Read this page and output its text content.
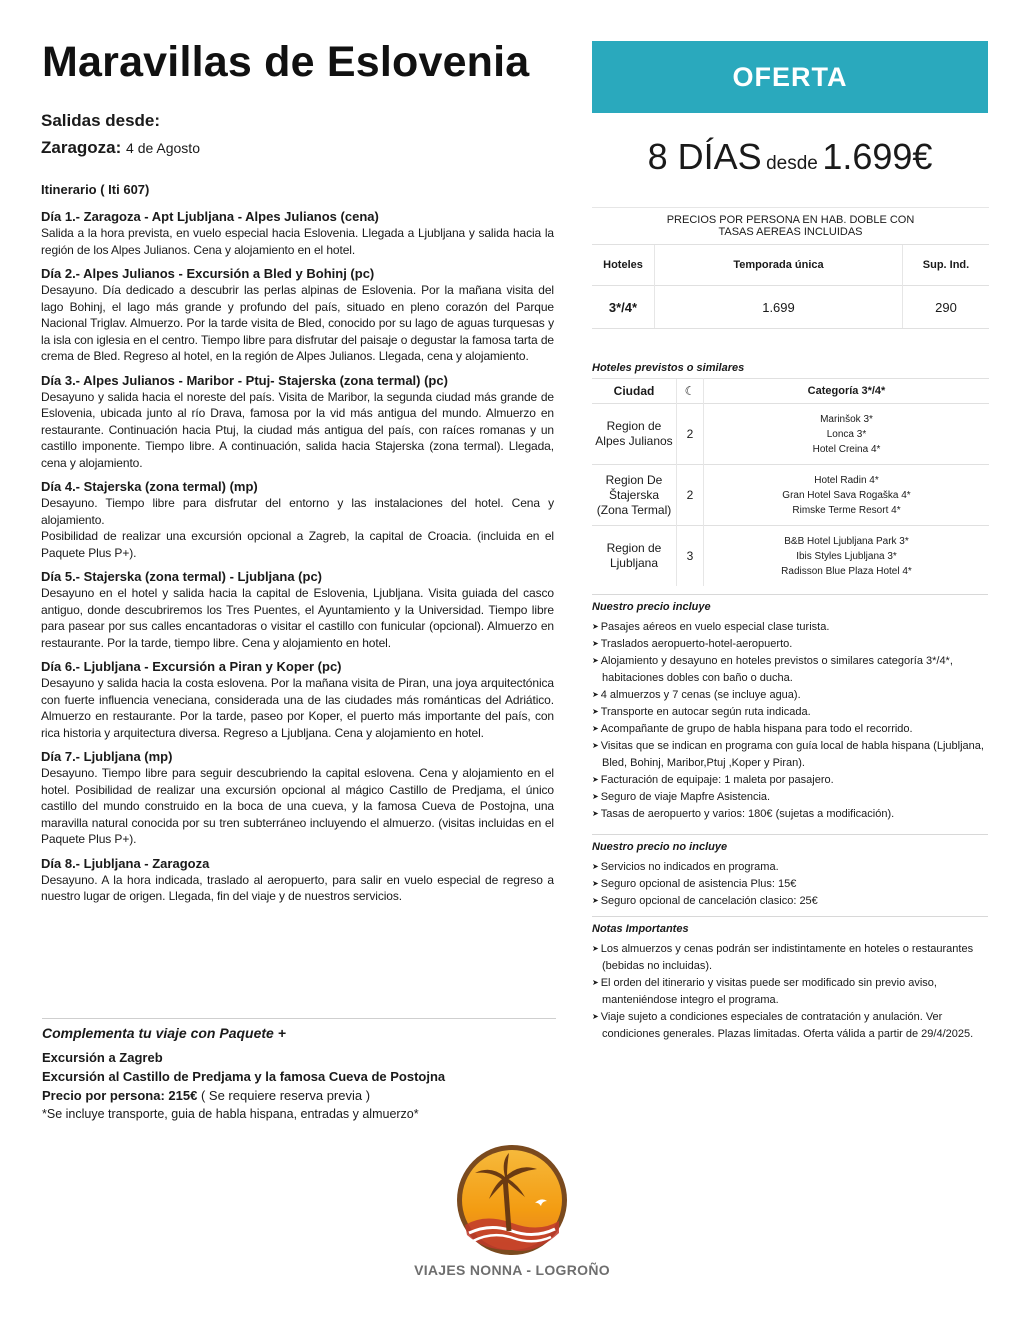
Maravillas de Eslovenia
Salidas desde:
Zaragoza: 4 de Agosto
Itinerario ( Iti 607)
Día 1.- Zaragoza - Apt Ljubljana - Alpes Julianos (cena)
Salida a la hora prevista, en vuelo especial hacia Eslovenia. Llegada a Ljubljana y salida hacia la región de los Alpes Julianos. Cena y alojamiento en el hotel.
Día 2.- Alpes Julianos - Excursión a Bled y Bohinj (pc)
Desayuno. Día dedicado a descubrir las perlas alpinas de Eslovenia. Por la mañana visita del lago Bohinj, el lago más grande y profundo del país, situado en pleno corazón del Parque Nacional Triglav. Almuerzo. Por la tarde visita de Bled, conocido por su lago de aguas turquesas y la isla con iglesia en el centro. Tiempo libre para disfrutar del paisaje o degustar la famosa tarta de crema de Bled. Regreso al hotel, en la región de Alpes Julianos. Llegada, cena y alojamiento.
Día 3.- Alpes Julianos - Maribor - Ptuj- Stajerska (zona termal) (pc)
Desayuno y salida hacia el noreste del país. Visita de Maribor, la segunda ciudad más grande de Eslovenia, ubicada junto al río Drava, famosa por la vid más antigua del mundo. Almuerzo en restaurante. Continuación hacia Ptuj, la ciudad más antigua del país, con raíces romanas y un castillo imponente. Tiempo libre. A continuación, salida hacia Stajerska (zona termal). Llegada, cena y alojamiento.
Día 4.- Stajerska (zona termal) (mp)
Desayuno. Tiempo libre para disfrutar del entorno y las instalaciones del hotel. Cena y alojamiento.
Posibilidad de realizar una excursión opcional a Zagreb, la capital de Croacia. (incluida en el Paquete Plus P+).
Día 5.- Stajerska (zona termal) - Ljubljana (pc)
Desayuno en el hotel y salida hacia la capital de Eslovenia, Ljubljana. Visita guiada del casco antiguo, donde descubriremos los Tres Puentes, el Ayuntamiento y la Universidad. Tiempo libre para pasear por sus calles encantadoras o visitar el castillo con funicular (opcional). Almuerzo en restaurante. Por la tarde, tiempo libre. Cena y alojamiento en hotel.
Día 6.- Ljubljana - Excursión a Piran y Koper (pc)
Desayuno y salida hacia la costa eslovena. Por la mañana visita de Piran, una joya arquitectónica con fuerte influencia veneciana, considerada una de las ciudades más románticas del Adriático. Almuerzo en restaurante. Por la tarde, paseo por Koper, el puerto más importante del país, con rica historia y arquitectura diversa. Regreso a Ljubljana. Cena y alojamiento en hotel.
Día 7.- Ljubljana (mp)
Desayuno. Tiempo libre para seguir descubriendo la capital eslovena. Cena y alojamiento en el hotel. Posibilidad de realizar una excursión opcional al mágico Castillo de Predjama, el único castillo del mundo construido en la boca de una cueva, y la famosa Cueva de Postojna, una maravilla natural conocida por su tren subterráneo incluyendo el almuerzo. (visitas incluidas en el Paquete Plus P+).
Día 8.- Ljubljana - Zaragoza
Desayuno. A la hora indicada, traslado al aeropuerto, para salir en vuelo especial de regreso a nuestro lugar de origen. Llegada, fin del viaje y de nuestros servicios.
Complementa tu viaje con Paquete +
Excursión a Zagreb
Excursión al Castillo de Predjama y la famosa Cueva de Postojna
Precio por persona: 215€ ( Se requiere reserva previa )
*Se incluye transporte, guia de habla hispana, entradas y almuerzo*
OFERTA
8 DÍAS desde 1.699€
PRECIOS POR PERSONA EN HAB. DOBLE CON TASAS AEREAS INCLUIDAS		
Hoteles	Temporada única	Sup. Ind.
3*/4*	1.699	290
Hoteles previstos o similares
Ciudad	☾	Categoría 3*/4*
Region de Alpes Julianos	2	Marinšok 3*
Lonca 3*
Hotel Creina 4*

Region De Štajerska (Zona Termal)	2	Hotel Radin 4*
Gran Hotel Sava Rogaška 4*
Rimske Terme Resort 4*

Region de Ljubljana	3	B&B Hotel Ljubljana Park 3*
Ibis Styles Ljubljana 3*
Radisson Blue Plaza Hotel 4*
Nuestro precio incluye
➤ Pasajes aéreos en vuelo especial clase turista.
➤ Traslados aeropuerto-hotel-aeropuerto.
➤ Alojamiento y desayuno en hoteles previstos o similares categoría 3*/4*, habitaciones dobles con baño o ducha.
➤ 4 almuerzos y 7 cenas (se incluye agua).
➤ Transporte en autocar según ruta indicada.
➤ Acompañante de grupo de habla hispana para todo el recorrido.
➤ Visitas que se indican en programa con guía local de habla hispana (Ljubljana, Bled, Bohinj, Maribor,Ptuj ,Koper y Piran).
➤ Facturación de equipaje: 1 maleta por pasajero.
➤ Seguro de viaje Mapfre Asistencia.
➤ Tasas de aeropuerto y varios: 180€ (sujetas a modificación).
Nuestro precio no incluye
➤ Servicios no indicados en programa.
➤ Seguro opcional de asistencia Plus: 15€
➤ Seguro opcional de cancelación clasico: 25€
Notas Importantes
➤ Los almuerzos y cenas podrán ser indistintamente en hoteles o restaurantes (bebidas no incluidas).
➤ El orden del itinerario y visitas puede ser modificado sin previo aviso, manteniéndose integro el programa.
➤ Viaje sujeto a condiciones especiales de contratación y anulación. Ver condiciones generales. Plazas limitadas. Oferta válida a partir de 29/4/2025.
VIAJES NONNA - LOGROÑO
